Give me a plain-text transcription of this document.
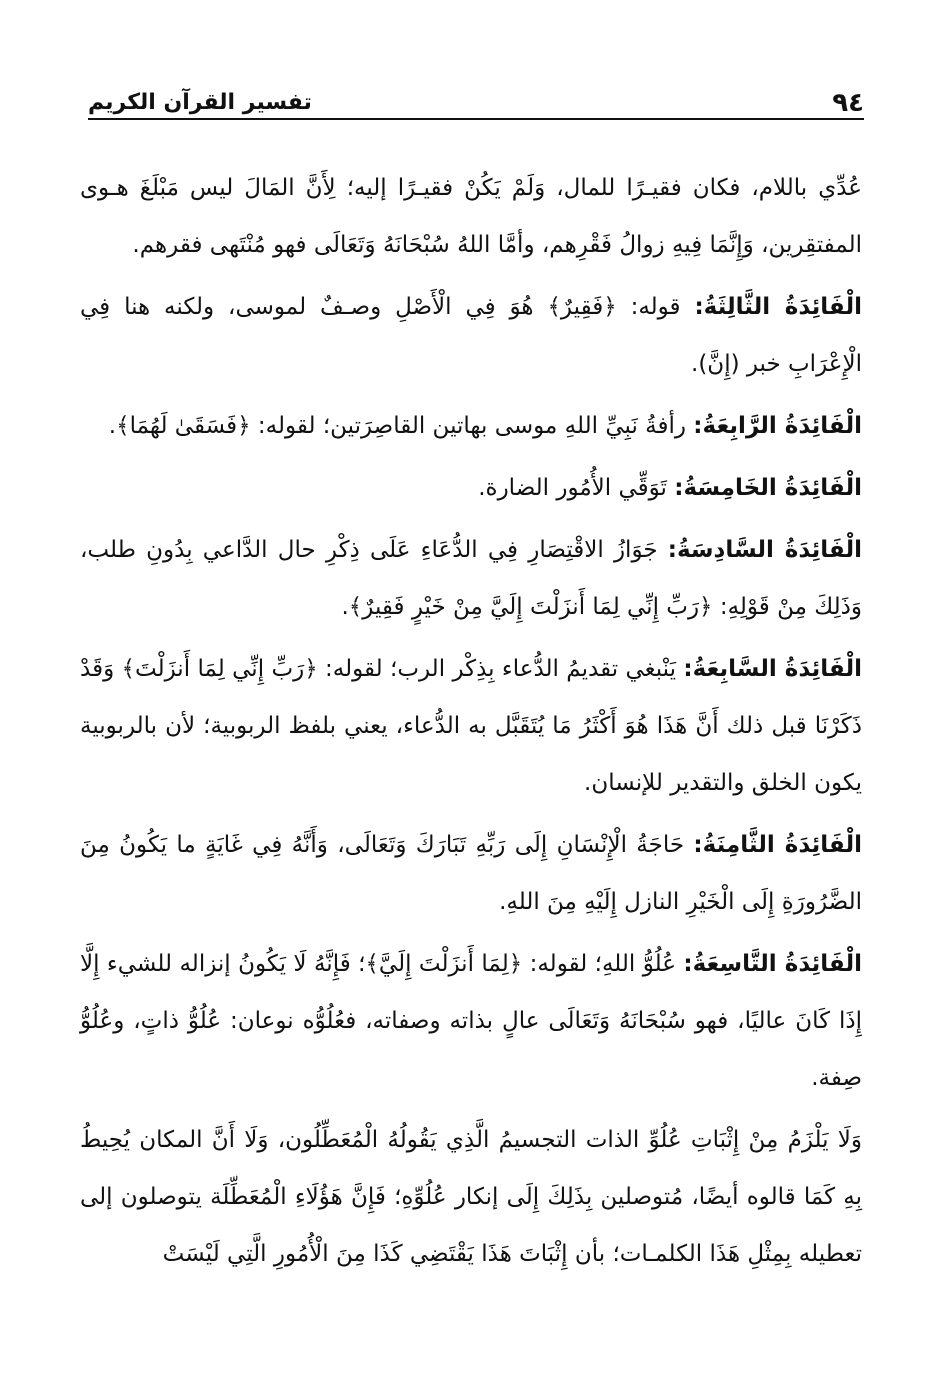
٩٤
تفسير القرآن الكريم

عُدِّي باللام، فكان فقيـرًا للمال، وَلَمْ يَكُنْ فقيـرًا إليه؛ لِأَنَّ المَالَ ليس مَبْلَغَ هـوى المفتقِرين، وَإِنَّمَا فِيهِ زوالُ فَقْرِهم، وأمَّا اللهُ سُبْحَانَهُ وَتَعَالَى فهو مُنْتَهى فقرهم.

الْفَائِدَةُ الثَّالِثَةُ: قوله: ﴿فَقِيرٌ﴾ هُوَ فِي الْأَصْلِ وصـفٌ لموسى، ولكنه هنا فِي الْإِعْرَابِ خبر (إِنَّ).

الْفَائِدَةُ الرَّابِعَةُ: رأفةُ نَبِيِّ اللهِ موسى بهاتين القاصِرَتين؛ لقوله: ﴿فَسَقَىٰ لَهُمَا﴾.

الْفَائِدَةُ الخَامِسَةُ: تَوَقِّي الأُمُور الضارة.

الْفَائِدَةُ السَّادِسَةُ: جَوَازُ الاقْتِصَارِ فِي الدُّعَاءِ عَلَى ذِكْرِ حال الدَّاعي بِدُونِ طلب، وَذَلِكَ مِنْ قَوْلِهِ: ﴿رَبِّ إِنِّي لِمَا أَنزَلْتَ إِلَيَّ مِنْ خَيْرٍ فَقِيرٌ﴾.

الْفَائِدَةُ السَّابِعَةُ: يَنْبغي تقديمُ الدُّعاء بِذِكْر الرب؛ لقوله: ﴿رَبِّ إِنِّي لِمَا أَنزَلْتَ﴾ وَقَدْ ذَكَرْنَا قبل ذلك أَنَّ هَذَا هُوَ أَكْثَرُ مَا يُتَقَبَّل به الدُّعاء، يعني بلفظ الربوبية؛ لأن بالربوبية يكون الخلق والتقدير للإنسان.

الْفَائِدَةُ الثَّامِنَةُ: حَاجَةُ الْإِنْسَانِ إِلَى رَبِّهِ تَبَارَكَ وَتَعَالَى، وَأَنَّهُ فِي غَايَةٍ ما يَكُونُ مِنَ الضَّرُورَةِ إِلَى الْخَيْرِ النازل إِلَيْهِ مِنَ اللهِ.

الْفَائِدَةُ التَّاسِعَةُ: عُلُوُّ اللهِ؛ لقوله: ﴿لِمَا أَنزَلْتَ إِلَيَّ﴾؛ فَإِنَّهُ لَا يَكُونُ إنزاله للشيء إِلَّا إِذَا كَانَ عاليًا، فهو سُبْحَانَهُ وَتَعَالَى عالٍ بذاته وصفاته، فعُلُوُّه نوعان: عُلُوُّ ذاتٍ، وعُلُوُّ صِفة.

وَلَا يَلْزَمُ مِنْ إِثْبَاتِ عُلُوِّ الذات التجسيمُ الَّذِي يَقُولُهُ الْمُعَطِّلُون، وَلَا أَنَّ المكان يُحِيطُ بِهِ كَمَا قالوه أيضًا، مُتوصلين بِذَلِكَ إِلَى إنكار عُلُوِّهِ؛ فَإِنَّ هَؤُلَاءِ الْمُعَطِّلَة يتوصلون إلى تعطيله بِمِثْلِ هَذَا الكلمـات؛ بأن إِثْبَاتَ هَذَا يَقْتَضِي كَذَا مِنَ الْأُمُورِ الَّتِي لَيْسَتْ
